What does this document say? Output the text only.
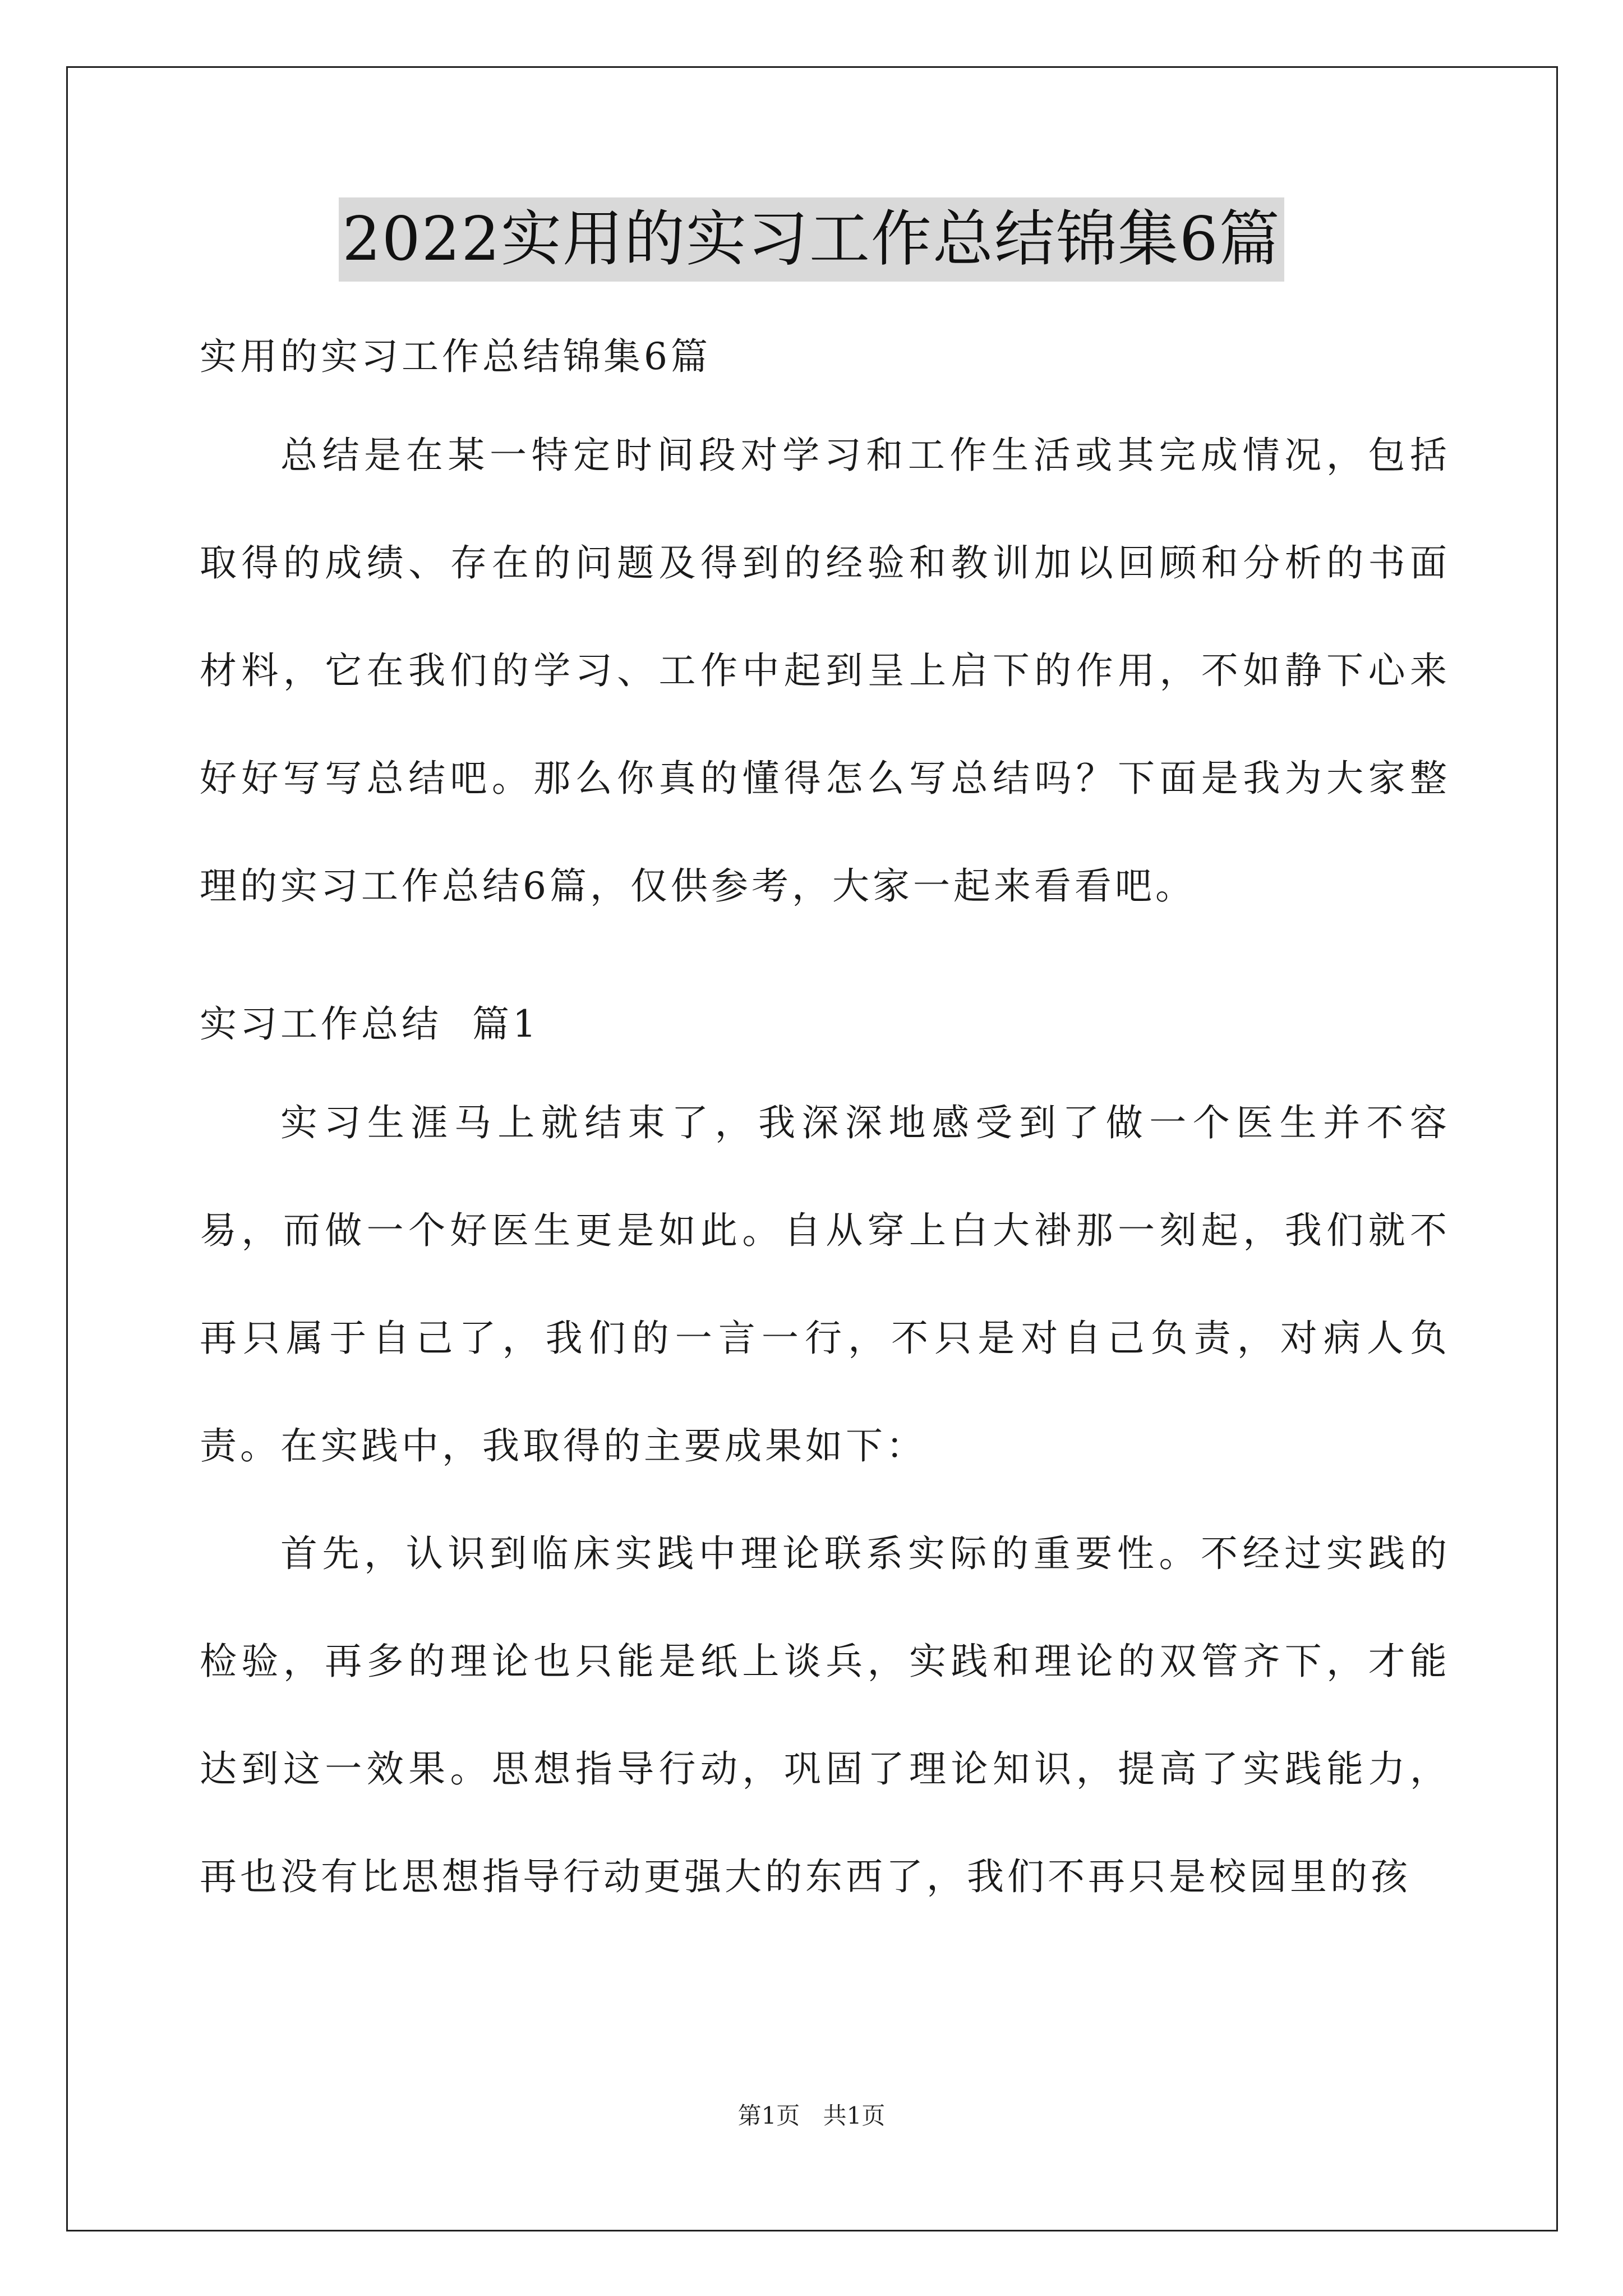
2022实用的实习工作总结锦集6篇

实用的实习工作总结锦集6篇

总结是在某一特定时间段对学习和工作生活或其完成情况，包括取得的成绩、存在的问题及得到的经验和教训加以回顾和分析的书面材料，它在我们的学习、工作中起到呈上启下的作用，不如静下心来好好写写总结吧。那么你真的懂得怎么写总结吗？下面是我为大家整理的实习工作总结6篇，仅供参考，大家一起来看看吧。

实习工作总结  篇1

实习生涯马上就结束了，我深深地感受到了做一个医生并不容易，而做一个好医生更是如此。自从穿上白大褂那一刻起，我们就不再只属于自己了，我们的一言一行，不只是对自己负责，对病人负责。在实践中，我取得的主要成果如下：

首先，认识到临床实践中理论联系实际的重要性。不经过实践的检验，再多的理论也只能是纸上谈兵，实践和理论的双管齐下，才能达到这一效果。思想指导行动，巩固了理论知识，提高了实践能力，再也没有比思想指导行动更强大的东西了，我们不再只是校园里的孩

第1页 共1页
